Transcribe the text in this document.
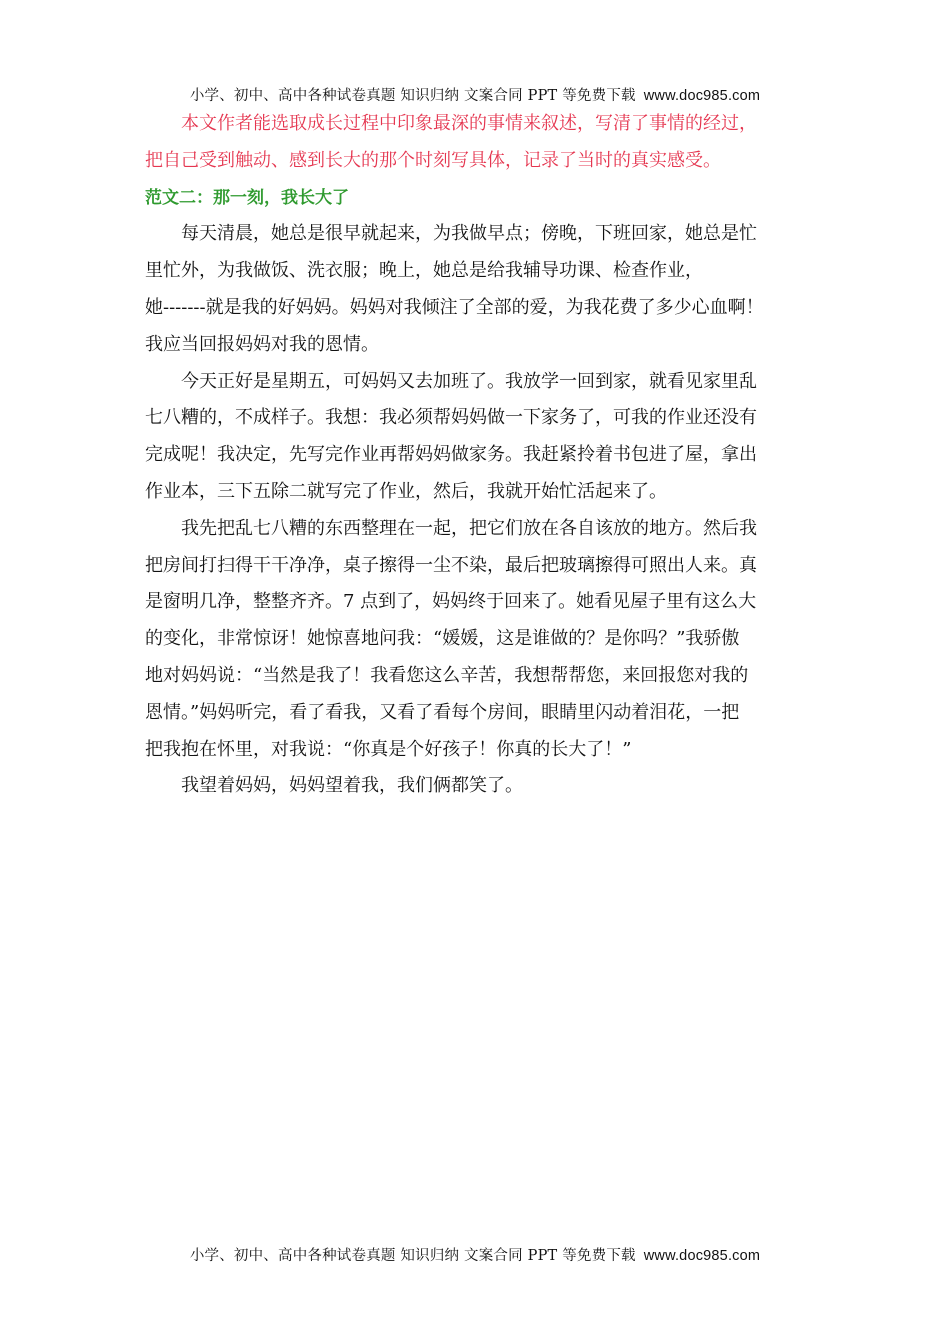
小学、初中、高中各种试卷真题 知识归纳 文案合同 PPT 等免费下载 www.doc985.com
本文作者能选取成长过程中印象最深的事情来叙述，写清了事情的经过，
把自己受到触动、感到长大的那个时刻写具体，记录了当时的真实感受。
范文二：那一刻，我长大了
每天清晨，她总是很早就起来，为我做早点；傍晚，下班回家，她总是忙
里忙外，为我做饭、洗衣服；晚上，她总是给我辅导功课、检查作业，
她-------就是我的好妈妈。妈妈对我倾注了全部的爱，为我花费了多少心血啊！
我应当回报妈妈对我的恩情。
今天正好是星期五，可妈妈又去加班了。我放学一回到家，就看见家里乱
七八糟的，不成样子。我想：我必须帮妈妈做一下家务了，可我的作业还没有
完成呢！我决定，先写完作业再帮妈妈做家务。我赶紧拎着书包进了屋，拿出
作业本，三下五除二就写完了作业，然后，我就开始忙活起来了。
我先把乱七八糟的东西整理在一起，把它们放在各自该放的地方。然后我
把房间打扫得干干净净，桌子擦得一尘不染，最后把玻璃擦得可照出人来。真
是窗明几净，整整齐齐。7 点到了，妈妈终于回来了。她看见屋子里有这么大
的变化，非常惊讶！她惊喜地问我：“媛媛，这是谁做的？是你吗？”我骄傲
地对妈妈说：“当然是我了！我看您这么辛苦，我想帮帮您，来回报您对我的
恩情。”妈妈听完，看了看我，又看了看每个房间，眼睛里闪动着泪花，一把
把我抱在怀里，对我说：“你真是个好孩子！你真的长大了！”
我望着妈妈，妈妈望着我，我们俩都笑了。
小学、初中、高中各种试卷真题 知识归纳 文案合同 PPT 等免费下载 www.doc985.com
